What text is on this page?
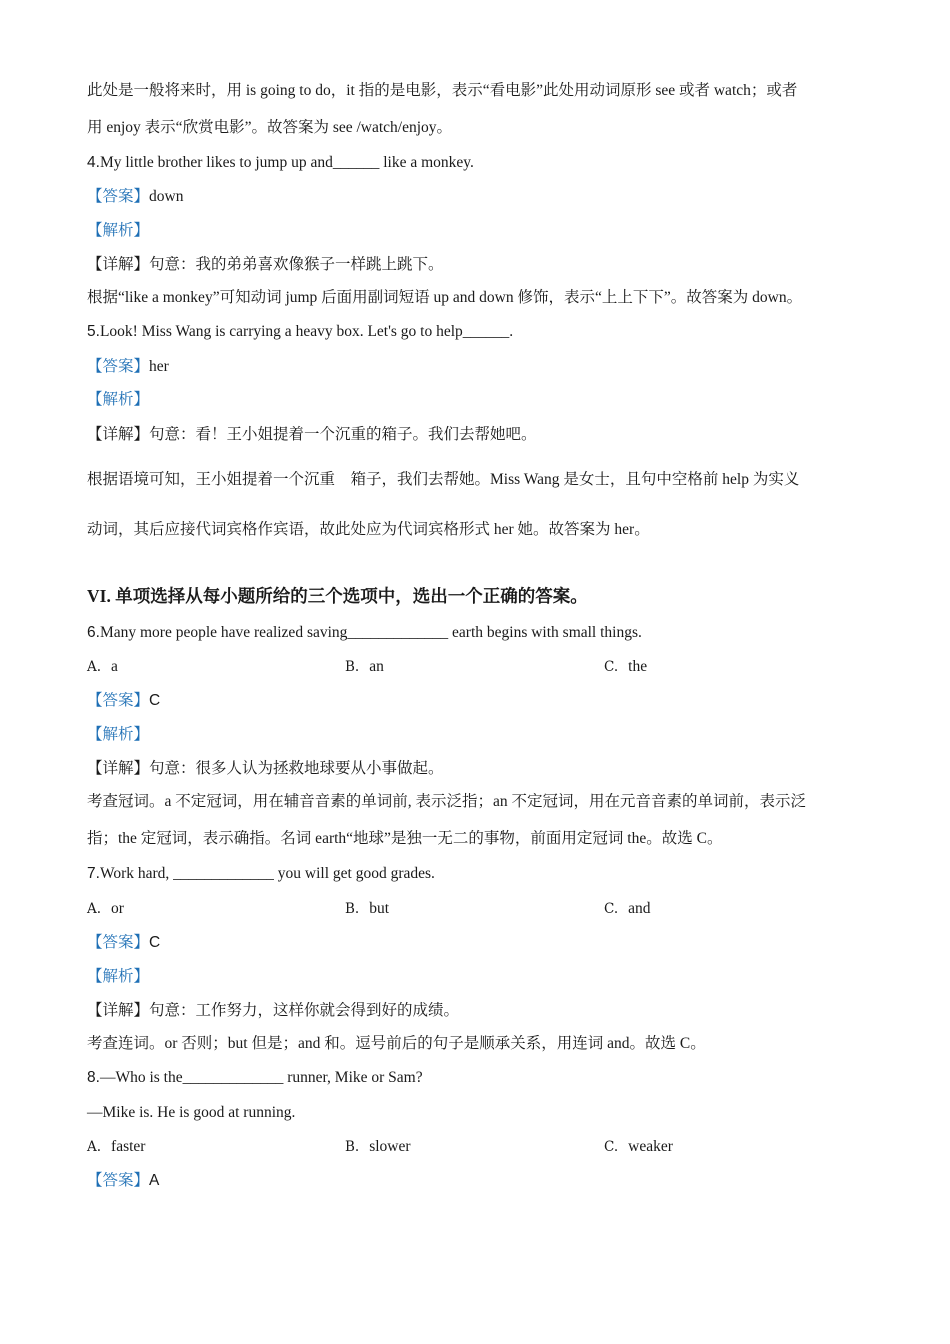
此处是一般将来时，用 is going to do，it 指的是电影，表示“看电影”此处用动词原形 see 或者 watch；或者
用 enjoy 表示“欣赏电影”。故答案为 see /watch/enjoy。
4.My little brother likes to jump up and______ like a monkey.
【答案】down
【解析】
【详解】句意：我的弟弟喜欢像猴子一样跳上跳下。
根据“like a monkey”可知动词 jump 后面用副词短语 up and down 修饰，表示“上上下下”。故答案为 down。
5.Look! Miss Wang is carrying a heavy box. Let's go to help______.
【答案】her
【解析】
【详解】句意：看！王小姐提着一个沉重的箱子。我们去帮她吧。
根据语境可知，王小姐提着一个沉重　箱子，我们去帮她。Miss Wang 是女士，且句中空格前 help 为实义
动词，其后应接代词宾格作宾语，故此处应为代词宾格形式 her 她。故答案为 her。
VI. 单项选择从每小题所给的三个选项中，选出一个正确的答案。
6.Many more people have realized saving_____________ earth begins with small things.
A. a	B. an	C. the
【答案】C
【解析】
【详解】句意：很多人认为拯救地球要从小事做起。
考查冠词。a 不定冠词，用在辅音音素的单词前, 表示泛指；an 不定冠词，用在元音音素的单词前，表示泛
指；the 定冠词，表示确指。名词 earth“地球”是独一无二的事物，前面用定冠词 the。故选 C。
7.Work hard, _____________ you will get good grades.
A. or	B. but	C. and
【答案】C
【解析】
【详解】句意：工作努力，这样你就会得到好的成绩。
考查连词。or 否则；but 但是；and 和。逗号前后的句子是顺承关系，用连词 and。故选 C。
8.—Who is the_____________ runner, Mike or Sam?
—Mike is. He is good at running.
A. faster	B. slower	C. weaker
【答案】A
